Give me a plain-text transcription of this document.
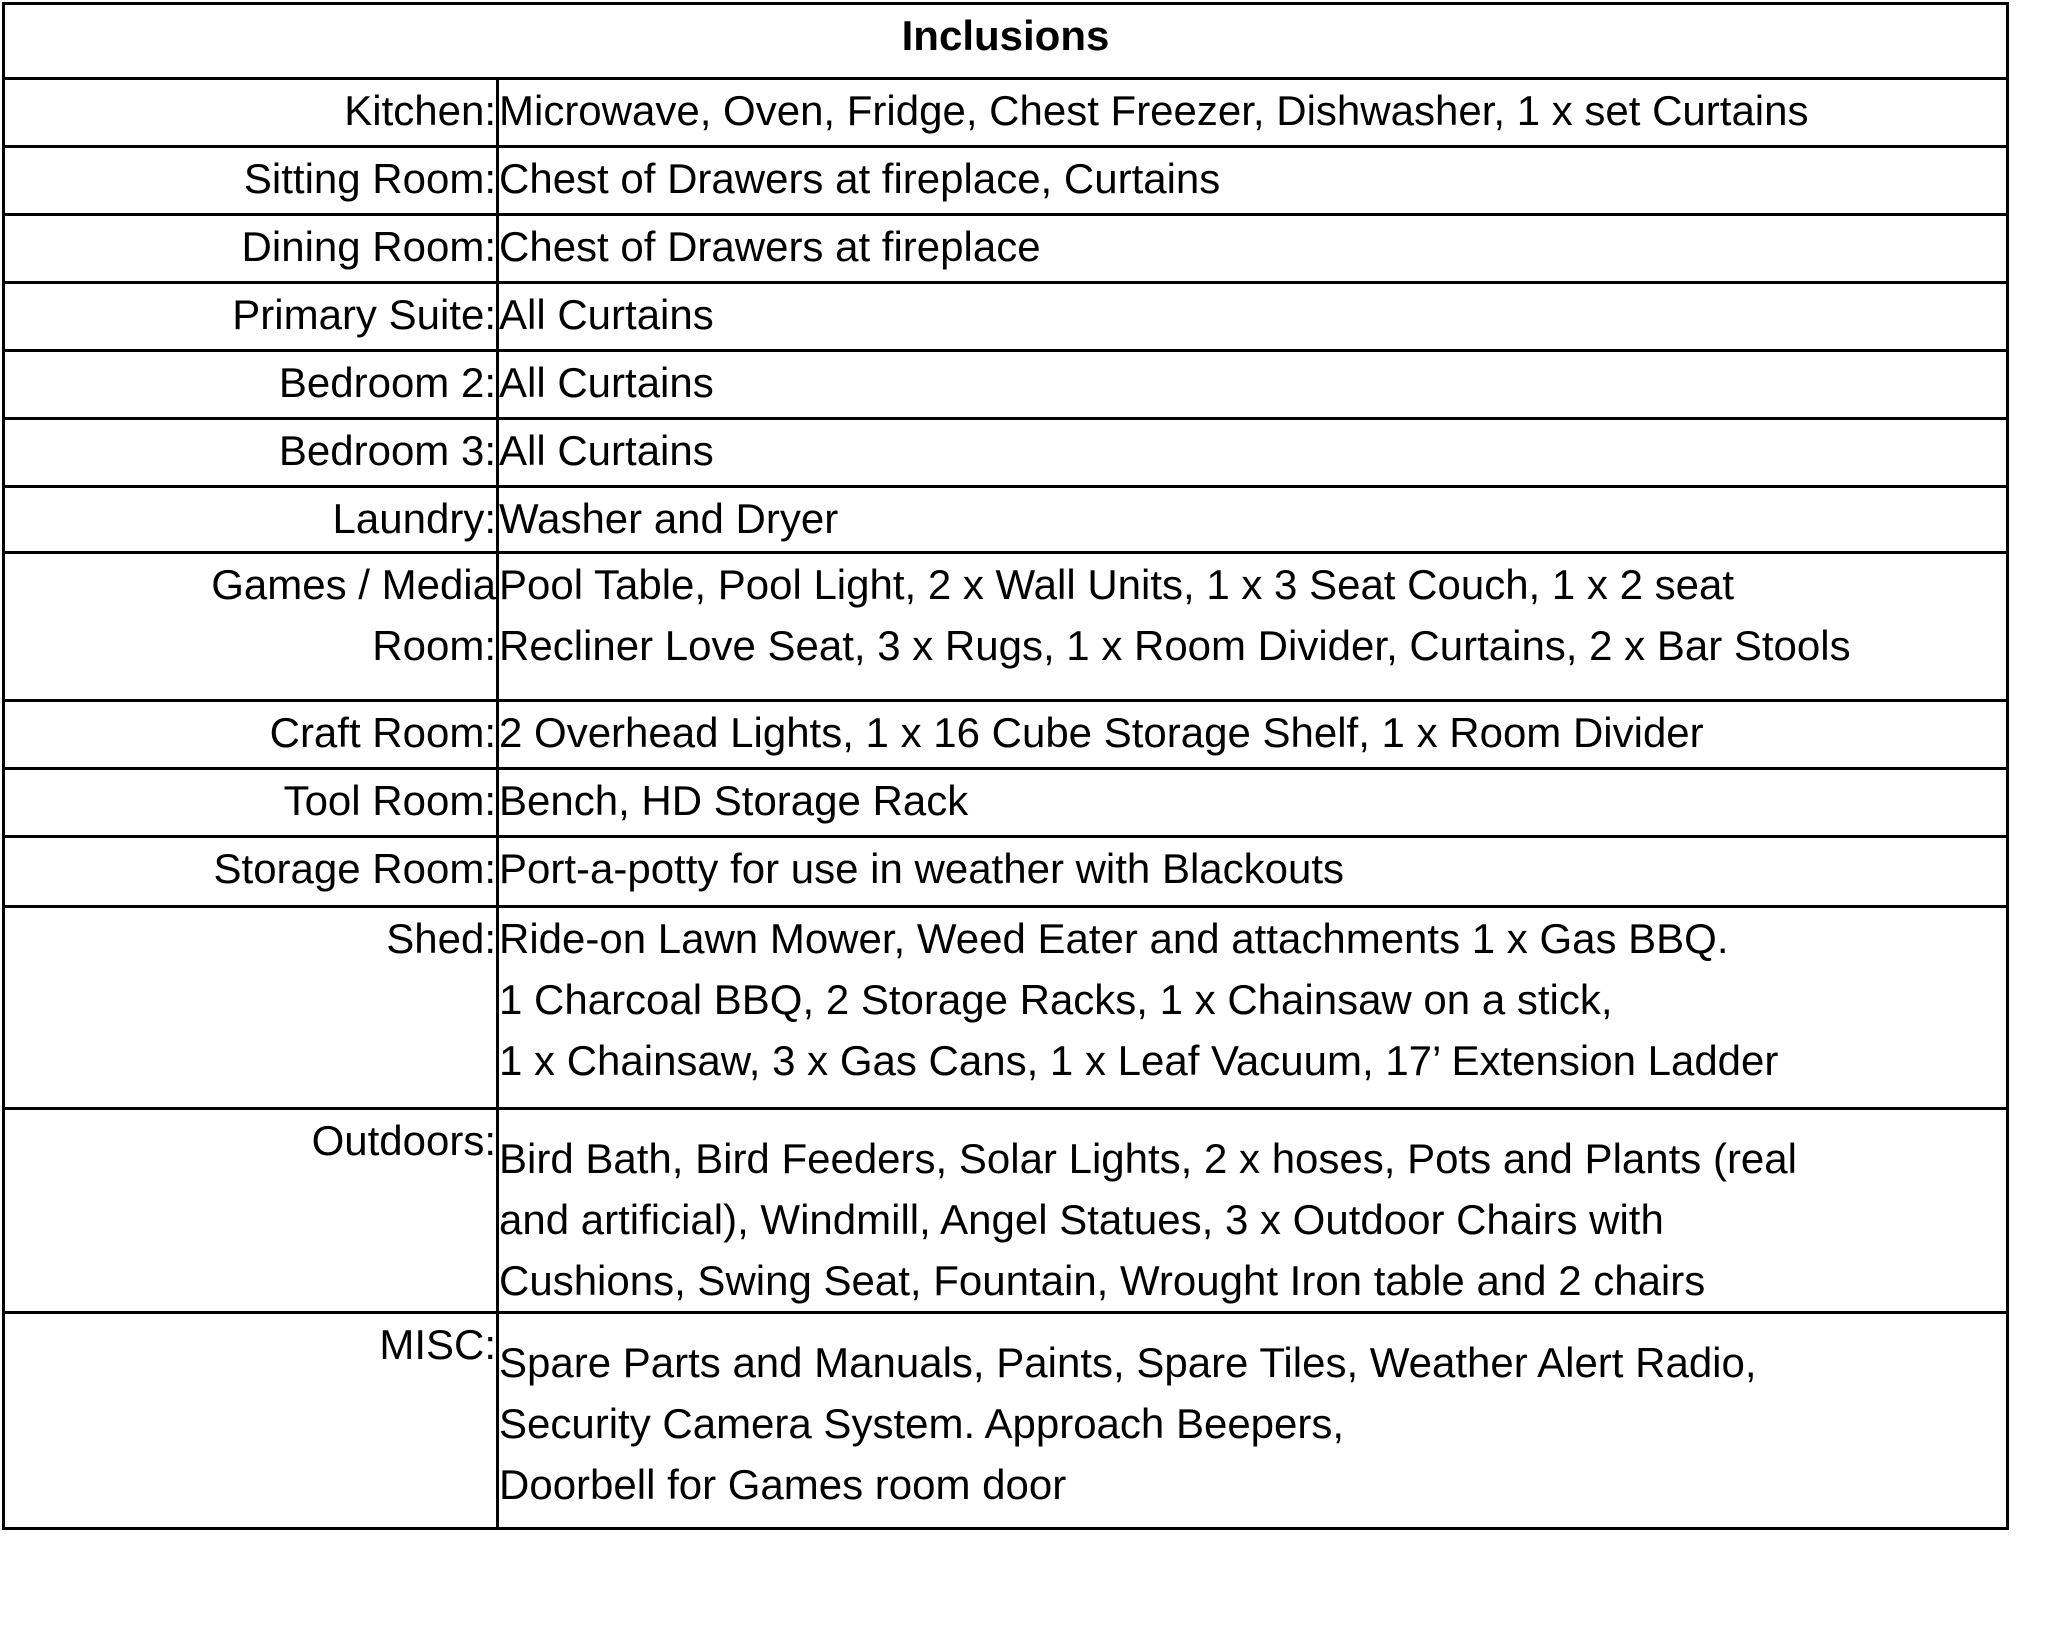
Inclusions	

Kitchen:	Microwave, Oven, Fridge, Chest Freezer, Dishwasher, 1 x set Curtains

Sitting Room:	Chest of Drawers at fireplace, Curtains

Dining Room:	Chest of Drawers at fireplace

Primary Suite:	All Curtains

Bedroom 2:	All Curtains

Bedroom 3:	All Curtains

Laundry:	Washer and Dryer

Games / Media
Room:	Pool Table, Pool Light, 2 x Wall Units, 1 x 3 Seat Couch, 1 x 2 seat
Recliner Love Seat, 3 x Rugs, 1 x Room Divider, Curtains, 2 x Bar Stools

Craft Room:	2 Overhead Lights, 1 x 16 Cube Storage Shelf, 1 x Room Divider

Tool Room:	Bench, HD Storage Rack

Storage Room:	Port-a-potty for use in weather with Blackouts

Shed:	Ride-on Lawn Mower, Weed Eater and attachments 1 x Gas BBQ.
1 Charcoal BBQ, 2 Storage Racks, 1 x Chainsaw on a stick,
1 x Chainsaw, 3 x Gas Cans, 1 x Leaf Vacuum, 17’ Extension Ladder

Outdoors:	Bird Bath, Bird Feeders, Solar Lights, 2 x hoses, Pots and Plants (real
and artificial), Windmill, Angel Statues, 3 x Outdoor Chairs with
Cushions, Swing Seat, Fountain, Wrought Iron table and 2 chairs

MISC:	Spare Parts and Manuals, Paints, Spare Tiles, Weather Alert Radio,
Security Camera System. Approach Beepers,
Doorbell for Games room door
